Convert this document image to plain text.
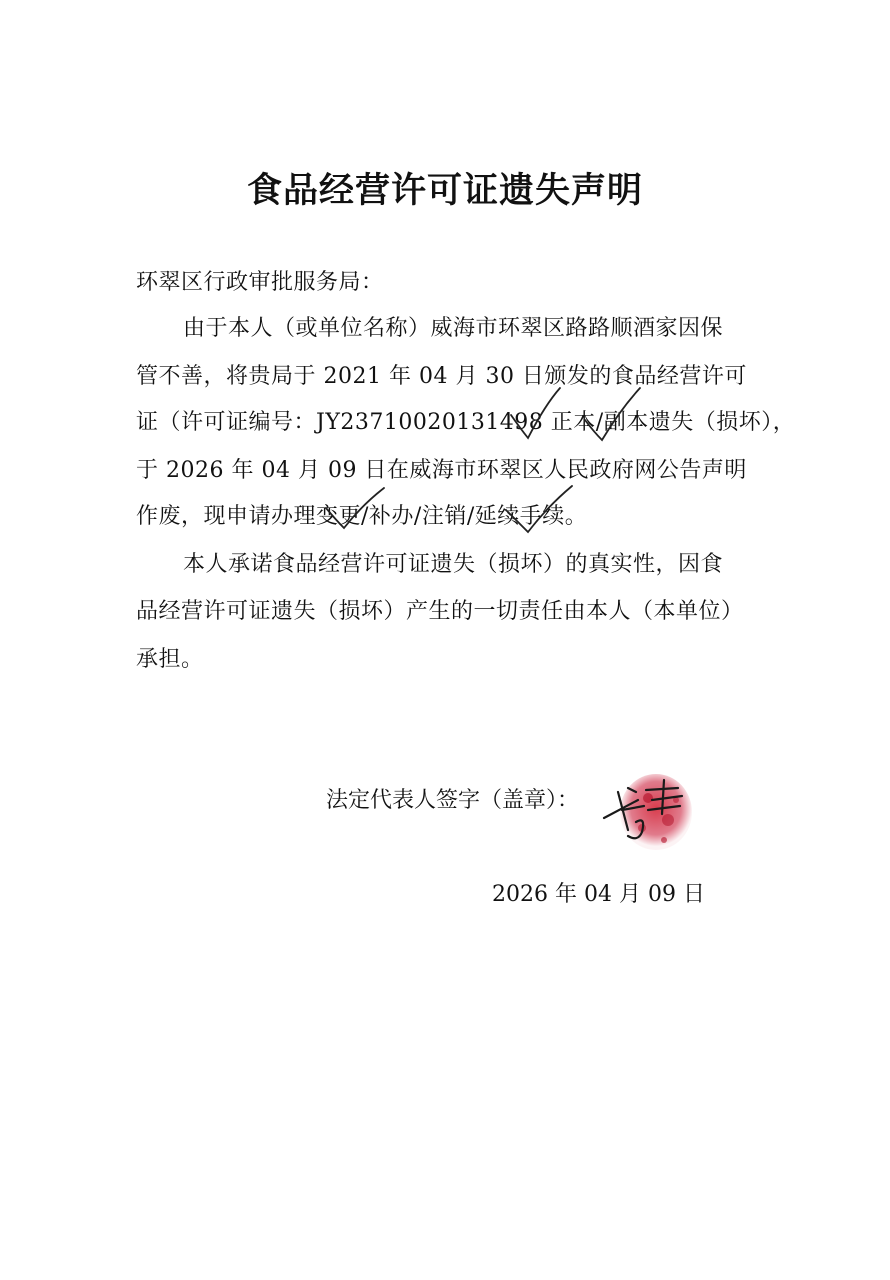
食品经营许可证遗失声明
环翠区行政审批服务局：
由于本人（或单位名称）威海市环翠区路路顺酒家因保
管不善，将贵局于 2021 年 04 月 30 日颁发的食品经营许可
证（许可证编号：JY23710020131498 正本/副本遗失（损坏），
于 2026 年 04 月 09 日在威海市环翠区人民政府网公告声明
作废，现申请办理变更/补办/注销/延续手续。
本人承诺食品经营许可证遗失（损坏）的真实性，因食
品经营许可证遗失（损坏）产生的一切责任由本人（本单位）
承担。
法定代表人签字（盖章）：
2026 年 04 月 09 日
